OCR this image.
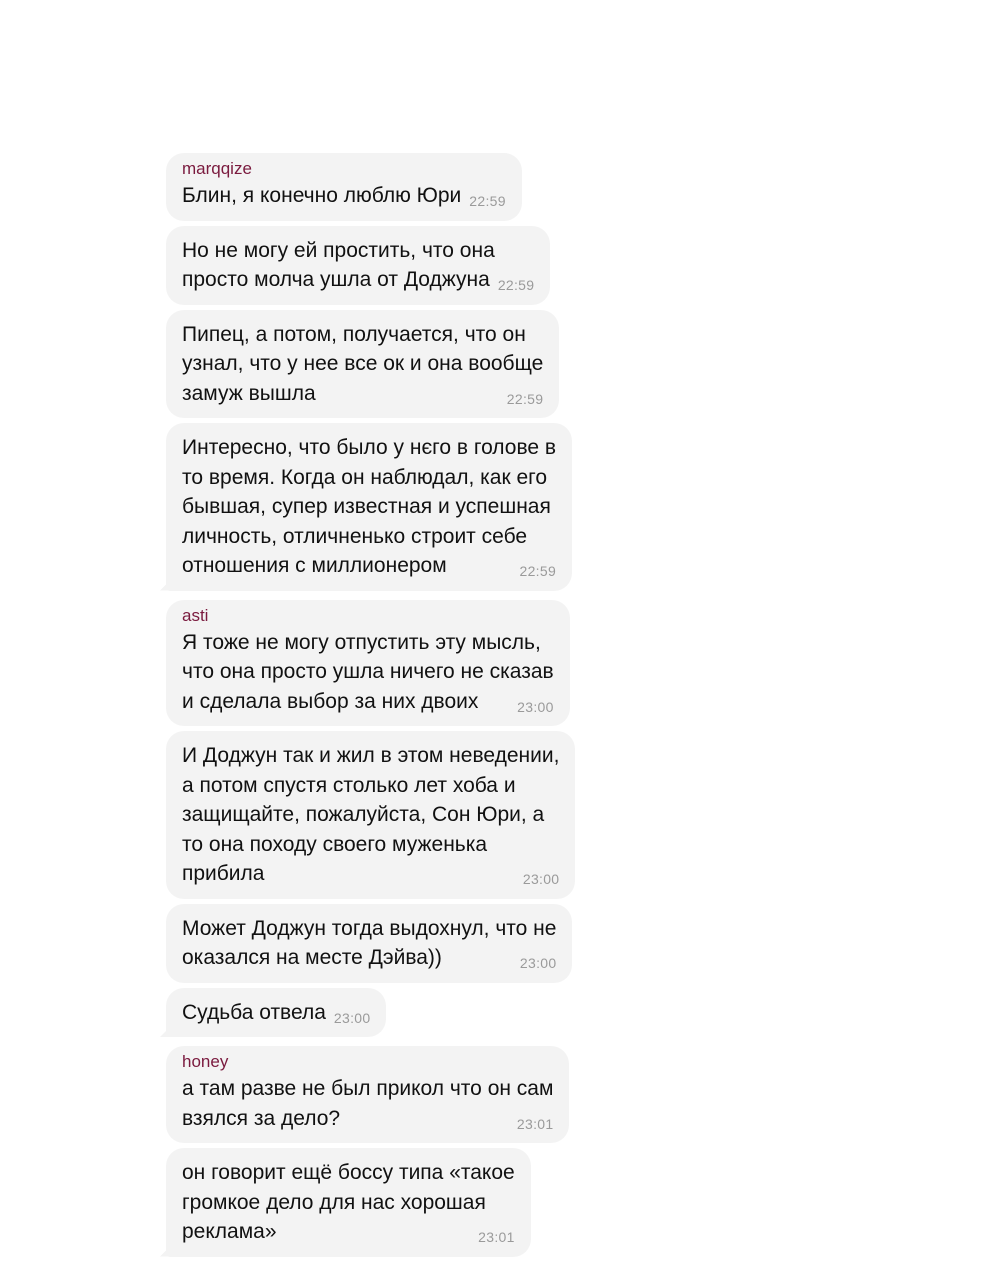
marqqize
Блин, я конечно люблю Юри 22:59
Но не могу ей простить, что она
просто молча ушла от Доджуна 22:59
Пипец, а потом, получается, что он
узнал, что у нее все ок и она вообще
замуж вышла	22:59
Интересно, что было у нєго в голове в
то время. Когда он наблюдал, как его
бывшая, супер известная и успешная
личность, отличненько строит себе
отношения с миллионером	22:59
asti
Я тоже не могу отпустить эту мысль,
что она просто ушла ничего не сказав
и сделала выбор за них двоих	23:00
И Доджун так и жил в этом неведении,
а потом спустя столько лет хоба и
защищайте, пожалуйста, Сон Юри, а
то она походу своего муженька
прибила	23:00
Может Доджун тогда выдохнул, что не
оказался на месте Дэйва))	23:00
Судьба отвела 23:00
honey
а там разве не был прикол что он сам
взялся за дело?	23:01
он говорит ещё боссу типа «такое
громкое дело для нас хорошая
реклама»	23:01
